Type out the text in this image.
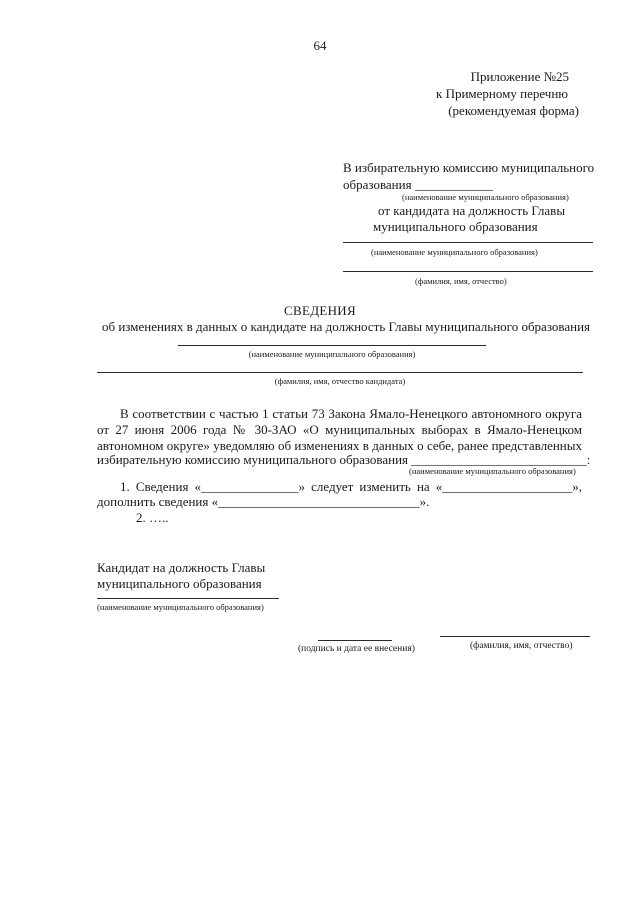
64
Приложение №25
к Примерному перечню
(рекомендуемая форма)
В избирательную комиссию муниципального
образования ____________
(наименование муниципального образования)
от кандидата на должность Главы
муниципального образования
(наименование муниципального образования)
(фамилия, имя, отчество)
СВЕДЕНИЯ
об изменениях в данных о кандидате на должность Главы муниципального образования
(наименование муниципального образования)
(фамилия, имя, отчество кандидата)
В соответствии с частью 1 статьи 73 Закона Ямало-Ненецкого автономного округа
от 27 июня 2006 года № 30-ЗАО «О муниципальных выборах в Ямало-Ненецком
автономном округе» уведомляю об изменениях в данных о себе, ранее представленных
избирательную комиссию муниципального образования ___________________________:
(наименование муниципального образования)
1. Сведения «_______________» следует изменить на «____________________»,
дополнить сведения «_______________________________».
2. …..
Кандидат на должность Главы
муниципального образования
(наименование муниципального образования)
(подпись и дата ее внесения)	(фамилия, имя, отчество)
